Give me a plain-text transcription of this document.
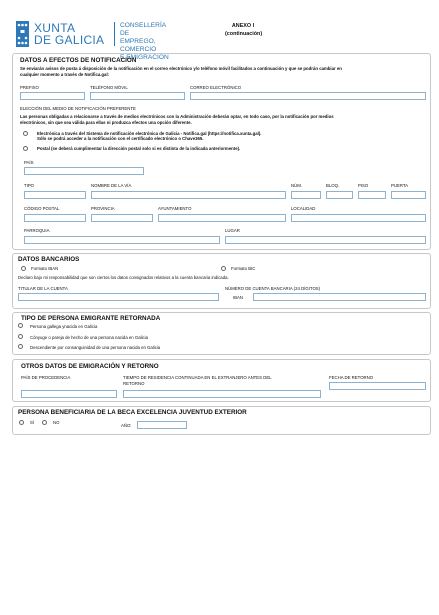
XUNTA
DE GALICIA
CONSELLERÍA DE
EMPREGO, COMERCIO
E EMIGRACIÓN
ANEXO I
(continuación)
DATOS A EFECTOS DE NOTIFICACIÓN
Se enviarán avisos de posta á disposición de la notificación en el correo electrónico y/o teléfono móvil facilitados a continuación y que se podrán cambiar en
cualquier momento a través de Notifica.gal:
PREFIXO	TELÉFONO MÓVIL	CORREO ELECTRÓNICO
ELECCIÓN DEL MEDIO DE NOTIFICACIÓN PREFERENTE
Las personas obligadas a relacionarse a través de medios electrónicos con la Administración deberán optar, en todo caso, por la notificación por medios
electrónicos, sin que sea válida para ellas ni produzca efectos una opción diferente.
Electrónica a través del Sistema de notificación electrónica de Galicia - Notifica.gal (https://notifica.xunta.gal).
Sólo se podrá acceder a la notificación con el certificado electrónico o Chave365.
Postal (se deberá cumplimentar la dirección postal solo si es distinta de la indicada anteriormente).
PAÍS
TIPO	NOMBRE DE LA VÍA	NÚM.	BLOQ.	PISO	PUERTA
CÓDIGO POSTAL	PROVINCIA	AYUNTAMIENTO	LOCALIDAD
PARROQUIA	LUGAR
DATOS BANCARIOS
Formato IBAN	Formato BIC
Declaro bajo mi responsabilidad que son ciertos los datos consignados relativos a la cuenta bancaria indicada.
TITULAR DE LA CUENTA	NÚMERO DE CUENTA BANCARIA (24 DÍGITOS)
IBAN
TIPO DE PERSONA EMIGRANTE RETORNADA
Persona gallega ynacida en Galicia
Cónyuge o pareja de hecho de una persona nacida en Galicia
Descendiente por consanguinidad de una persona nacida en Galicia
OTROS DATOS DE EMIGRACIÓN Y RETORNO
PAÍS DE PROCEDENCIA	TIEMPO DE RESIDENCIA CONTINUADA EN EL EXTRANJERO ANTES DEL
RETORNO
FECHA DE RETORNO
PERSONA BENEFICIARIA DE LA BECA EXCELENCIA JUVENTUD EXTERIOR
SÍ	NO
AÑO:
